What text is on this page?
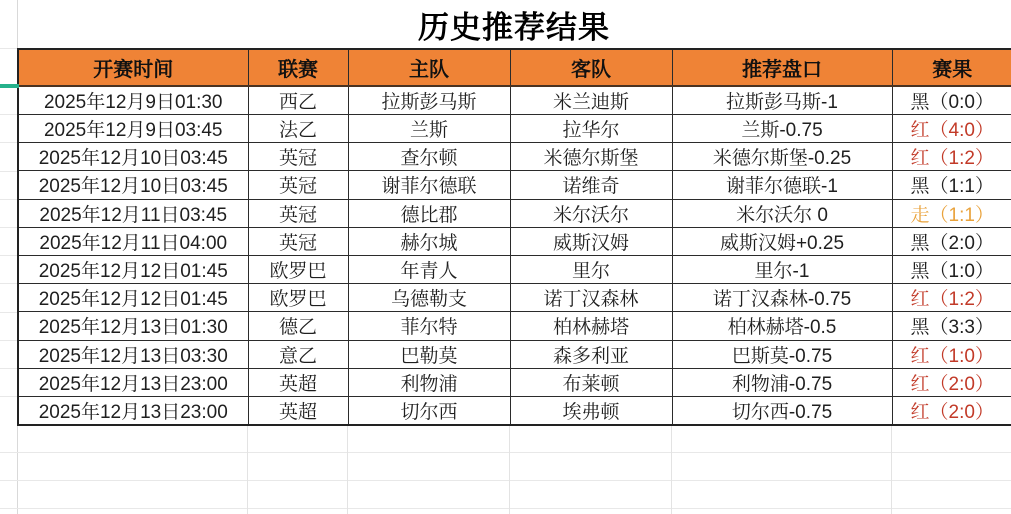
历史推荐结果
开赛时间	联赛	主队	客队	推荐盘口	赛果
2025年12月9日01:30	西乙	拉斯彭马斯	米兰迪斯	拉斯彭马斯-1	黑（0:0）
2025年12月9日03:45	法乙	兰斯	拉华尔	兰斯-0.75	红（4:0）
2025年12月10日03:45	英冠	查尔顿	米德尔斯堡	米德尔斯堡-0.25	红（1:2）
2025年12月10日03:45	英冠	谢菲尔德联	诺维奇	谢菲尔德联-1	黑（1:1）
2025年12月11日03:45	英冠	德比郡	米尔沃尔	米尔沃尔 0	走（1:1）
2025年12月11日04:00	英冠	赫尔城	威斯汉姆	威斯汉姆+0.25	黑（2:0）
2025年12月12日01:45	欧罗巴	年青人	里尔	里尔-1	黑（1:0）
2025年12月12日01:45	欧罗巴	乌德勒支	诺丁汉森林	诺丁汉森林-0.75	红（1:2）
2025年12月13日01:30	德乙	菲尔特	柏林赫塔	柏林赫塔-0.5	黑（3:3）
2025年12月13日03:30	意乙	巴勒莫	森多利亚	巴斯莫-0.75	红（1:0）
2025年12月13日23:00	英超	利物浦	布莱顿	利物浦-0.75	红（2:0）
2025年12月13日23:00	英超	切尔西	埃弗顿	切尔西-0.75	红（2:0）
